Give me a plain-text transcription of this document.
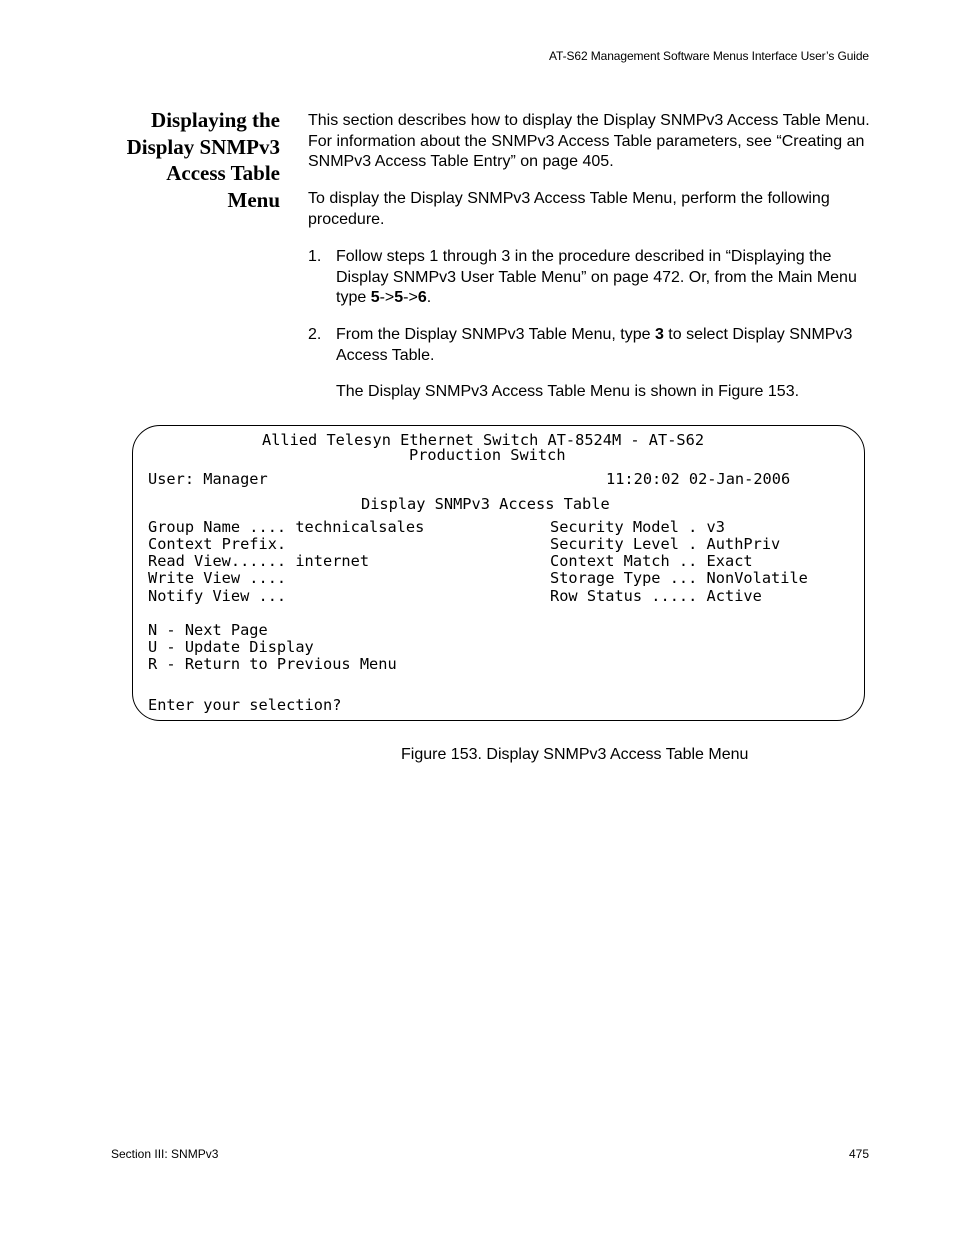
AT-S62 Management Software Menus Interface User’s Guide
Displaying the
Display SNMPv3
Access Table
Menu
This section describes how to display the Display SNMPv3 Access Table Menu. For information about the SNMPv3 Access Table parameters, see “Creating an SNMPv3 Access Table Entry” on page 405.
To display the Display SNMPv3 Access Table Menu, perform the following procedure.
1. Follow steps 1 through 3 in the procedure described in “Displaying the Display SNMPv3 User Table Menu” on page 472. Or, from the Main Menu type 5->5->6.
2. From the Display SNMPv3 Table Menu, type 3 to select Display SNMPv3 Access Table.
The Display SNMPv3 Access Table Menu is shown in Figure 153.
Allied Telesyn Ethernet Switch AT-8524M - AT-S62
Production Switch
User: Manager	11:20:02 02-Jan-2006
Display SNMPv3 Access Table
Group Name .... technicalsales
Context Prefix.
Read View...... internet
Write View ....
Notify View ...
Security Model . v3
Security Level . AuthPriv
Context Match .. Exact
Storage Type ... NonVolatile
Row Status ..... Active
N - Next Page
U - Update Display
R - Return to Previous Menu
Enter your selection?
Figure 153. Display SNMPv3 Access Table Menu
Section III: SNMPv3	475
